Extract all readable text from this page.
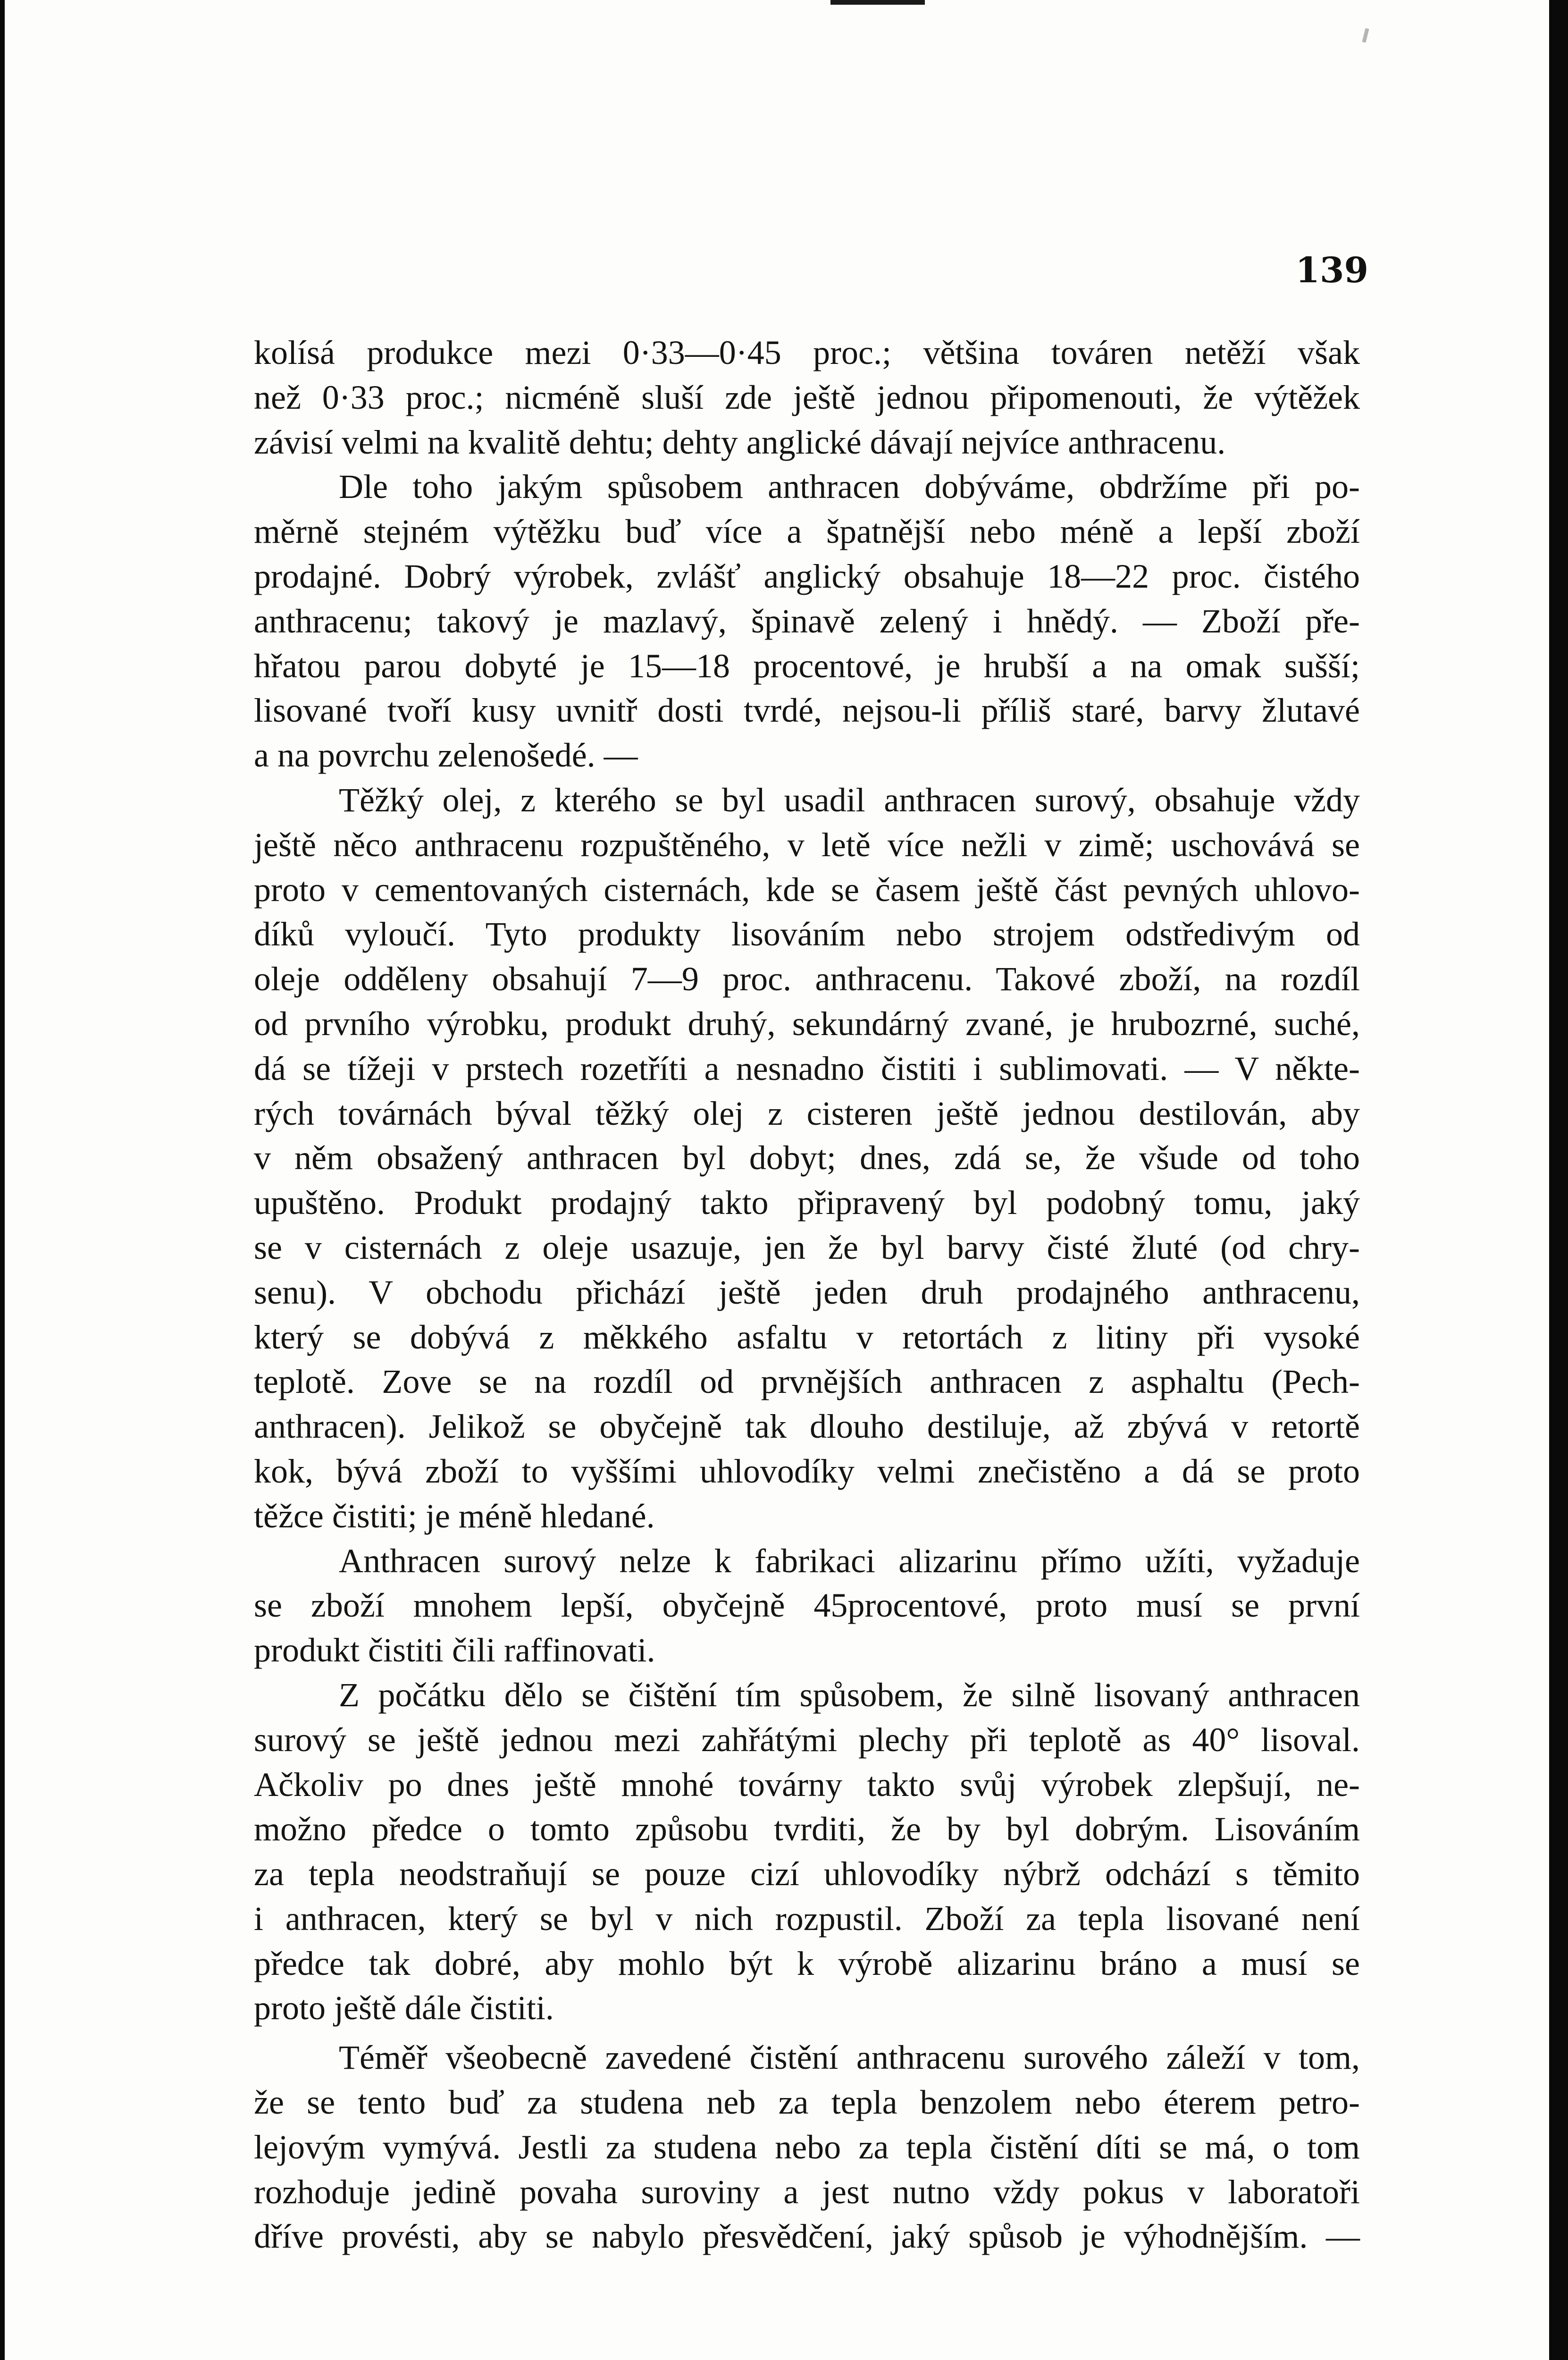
139
kolísá produkce mezi 0·33—0·45 proc.; většina továren netěží však
než 0·33 proc.; nicméně sluší zde ještě jednou připomenouti, že výtěžek
závisí velmi na kvalitě dehtu; dehty anglické dávají nejvíce anthracenu.
Dle toho jakým spůsobem anthracen dobýváme, obdržíme při po-
měrně stejném výtěžku buď více a špatnější nebo méně a lepší zboží
prodajné. Dobrý výrobek, zvlášť anglický obsahuje 18—22 proc. čistého
anthracenu; takový je mazlavý, špinavě zelený i hnědý. — Zboží pře-
hřatou parou dobyté je 15—18 procentové, je hrubší a na omak sušší;
lisované tvoří kusy uvnitř dosti tvrdé, nejsou-li příliš staré, barvy žlutavé
a na povrchu zelenošedé. —
Těžký olej, z kterého se byl usadil anthracen surový, obsahuje vždy
ještě něco anthracenu rozpuštěného, v letě více nežli v zimě; uschovává se
proto v cementovaných cisternách, kde se časem ještě část pevných uhlovo-
díků vyloučí. Tyto produkty lisováním nebo strojem odstředivým od
oleje odděleny obsahují 7—9 proc. anthracenu. Takové zboží, na rozdíl
od prvního výrobku, produkt druhý, sekundárný zvané, je hrubozrné, suché,
dá se tížeji v prstech rozetříti a nesnadno čistiti i sublimovati. — V někte-
rých továrnách býval těžký olej z cisteren ještě jednou destilován, aby
v něm obsažený anthracen byl dobyt; dnes, zdá se, že všude od toho
upuštěno. Produkt prodajný takto připravený byl podobný tomu, jaký
se v cisternách z oleje usazuje, jen že byl barvy čisté žluté (od chry-
senu). V obchodu přichází ještě jeden druh prodajného anthracenu,
který se dobývá z měkkého asfaltu v retortách z litiny při vysoké
teplotě. Zove se na rozdíl od prvnějších anthracen z asphaltu (Pech-
anthracen). Jelikož se obyčejně tak dlouho destiluje, až zbývá v retortě
kok, bývá zboží to vyššími uhlovodíky velmi znečistěno a dá se proto
těžce čistiti; je méně hledané.
Anthracen surový nelze k fabrikaci alizarinu přímo užíti, vyžaduje
se zboží mnohem lepší, obyčejně 45procentové, proto musí se první
produkt čistiti čili raffinovati.
Z počátku dělo se čištění tím spůsobem, že silně lisovaný anthracen
surový se ještě jednou mezi zahřátými plechy při teplotě as 40° lisoval.
Ačkoliv po dnes ještě mnohé továrny takto svůj výrobek zlepšují, ne-
možno předce o tomto způsobu tvrditi, že by byl dobrým. Lisováním
za tepla neodstraňují se pouze cizí uhlovodíky nýbrž odchází s těmito
i anthracen, který se byl v nich rozpustil. Zboží za tepla lisované není
předce tak dobré, aby mohlo být k výrobě alizarinu bráno a musí se
proto ještě dále čistiti.
Téměř všeobecně zavedené čistění anthracenu surového záleží v tom,
že se tento buď za studena neb za tepla benzolem nebo éterem petro-
lejovým vymývá. Jestli za studena nebo za tepla čistění díti se má, o tom
rozhoduje jedině povaha suroviny a jest nutno vždy pokus v laboratoři
dříve provésti, aby se nabylo přesvědčení, jaký spůsob je výhodnějším. —
